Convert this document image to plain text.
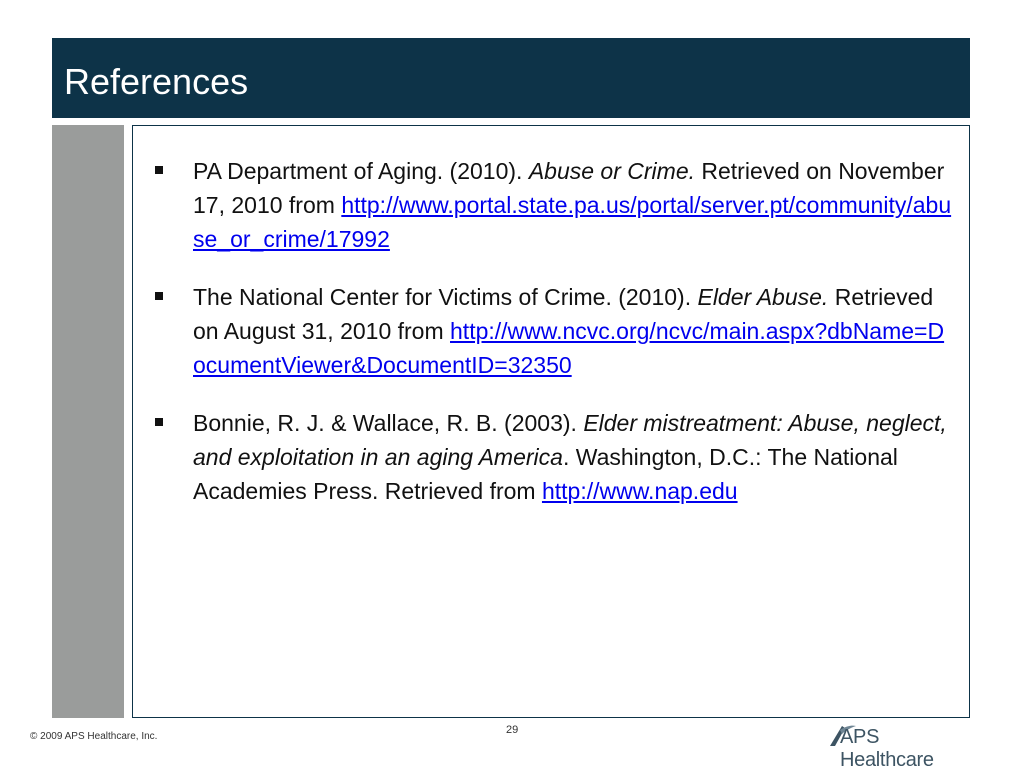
References
PA Department of Aging. (2010). Abuse or Crime. Retrieved on November 17, 2010 from http://www.portal.state.pa.us/portal/server.pt/community/abuse_or_crime/17992
The National Center for Victims of Crime. (2010). Elder Abuse. Retrieved on August 31, 2010 from http://www.ncvc.org/ncvc/main.aspx?dbName=DocumentViewer&DocumentID=32350
Bonnie, R. J. & Wallace, R. B. (2003). Elder mistreatment: Abuse, neglect, and exploitation in an aging America. Washington, D.C.: The National Academies Press. Retrieved from http://www.nap.edu
© 2009 APS Healthcare, Inc.
29	APS Healthcare
